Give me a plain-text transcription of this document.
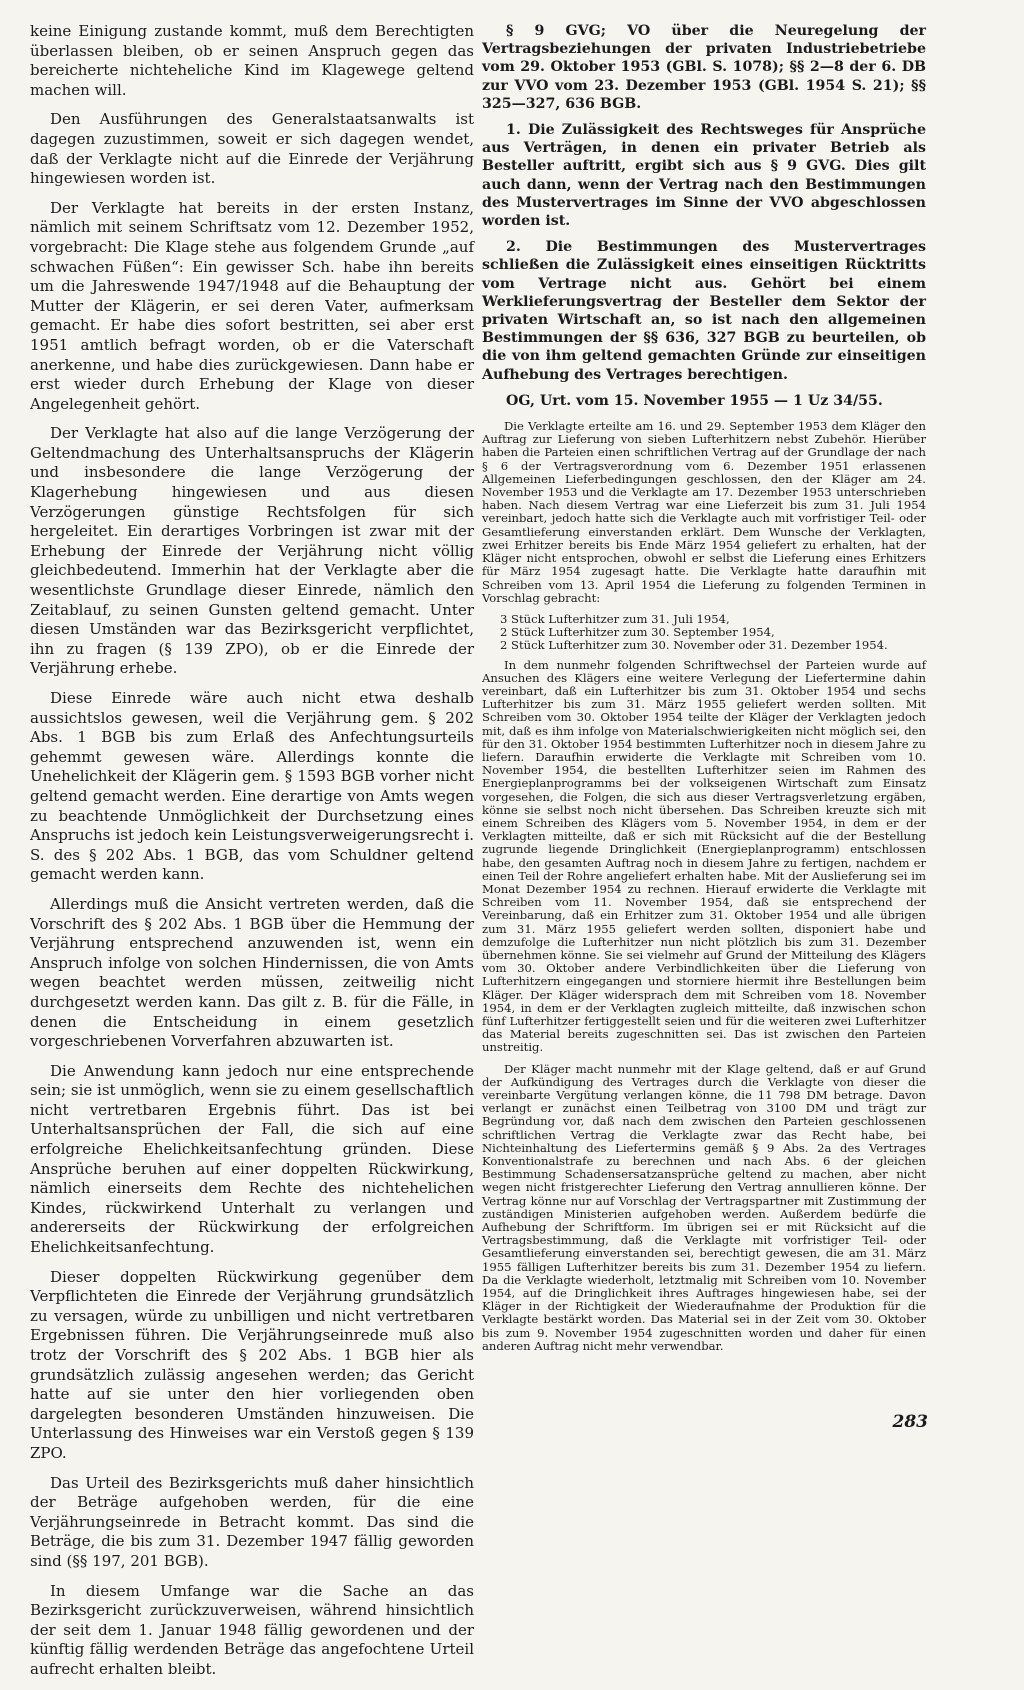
keine Einigung zustande kommt, muß dem Berechtigten überlassen bleiben, ob er seinen Anspruch gegen das bereicherte nichteheliche Kind im Klagewege geltend machen will.

Den Ausführungen des Generalstaatsanwalts ist dagegen zuzustimmen, soweit er sich dagegen wendet, daß der Verklagte nicht auf die Einrede der Verjährung hingewiesen worden ist.

Der Verklagte hat bereits in der ersten Instanz, nämlich mit seinem Schriftsatz vom 12. Dezember 1952, vorgebracht: Die Klage stehe aus folgendem Grunde „auf schwachen Füßen“: Ein gewisser Sch. habe ihn bereits um die Jahreswende 1947/1948 auf die Behauptung der Mutter der Klägerin, er sei deren Vater, aufmerksam gemacht. Er habe dies sofort bestritten, sei aber erst 1951 amtlich befragt worden, ob er die Vaterschaft anerkenne, und habe dies zurückgewiesen. Dann habe er erst wieder durch Erhebung der Klage von dieser Angelegenheit gehört.

Der Verklagte hat also auf die lange Verzögerung der Geltendmachung des Unterhaltsanspruchs der Klägerin und insbesondere die lange Verzögerung der Klagerhebung hingewiesen und aus diesen Verzögerungen günstige Rechtsfolgen für sich hergeleitet. Ein derartiges Vorbringen ist zwar mit der Erhebung der Einrede der Verjährung nicht völlig gleichbedeutend. Immerhin hat der Verklagte aber die wesentlichste Grundlage dieser Einrede, nämlich den Zeitablauf, zu seinen Gunsten geltend gemacht. Unter diesen Umständen war das Bezirksgericht verpflichtet, ihn zu fragen (§ 139 ZPO), ob er die Einrede der Verjährung erhebe.

Diese Einrede wäre auch nicht etwa deshalb aussichtslos gewesen, weil die Verjährung gem. § 202 Abs. 1 BGB bis zum Erlaß des Anfechtungsurteils gehemmt gewesen wäre. Allerdings konnte die Unehelichkeit der Klägerin gem. § 1593 BGB vorher nicht geltend gemacht werden. Eine derartige von Amts wegen zu beachtende Unmöglichkeit der Durchsetzung eines Anspruchs ist jedoch kein Leistungsverweigerungsrecht i. S. des § 202 Abs. 1 BGB, das vom Schuldner geltend gemacht werden kann.

Allerdings muß die Ansicht vertreten werden, daß die Vorschrift des § 202 Abs. 1 BGB über die Hemmung der Verjährung entsprechend anzuwenden ist, wenn ein Anspruch infolge von solchen Hindernissen, die von Amts wegen beachtet werden müssen, zeitweilig nicht durchgesetzt werden kann. Das gilt z. B. für die Fälle, in denen die Entscheidung in einem gesetzlich vorgeschriebenen Vorverfahren abzuwarten ist.

Die Anwendung kann jedoch nur eine entsprechende sein; sie ist unmöglich, wenn sie zu einem gesellschaftlich nicht vertretbaren Ergebnis führt. Das ist bei Unterhaltsansprüchen der Fall, die sich auf eine erfolgreiche Ehelichkeitsanfechtung gründen. Diese Ansprüche beruhen auf einer doppelten Rückwirkung, nämlich einerseits dem Rechte des nichtehelichen Kindes, rückwirkend Unterhalt zu verlangen und andererseits der Rückwirkung der erfolgreichen Ehelichkeitsanfechtung.

Dieser doppelten Rückwirkung gegenüber dem Verpflichteten die Einrede der Verjährung grundsätzlich zu versagen, würde zu unbilligen und nicht vertretbaren Ergebnissen führen. Die Verjährungseinrede muß also trotz der Vorschrift des § 202 Abs. 1 BGB hier als grundsätzlich zulässig angesehen werden; das Gericht hatte auf sie unter den hier vorliegenden oben dargelegten besonderen Umständen hinzuweisen. Die Unterlassung des Hinweises war ein Verstoß gegen § 139 ZPO.

Das Urteil des Bezirksgerichts muß daher hinsichtlich der Beträge aufgehoben werden, für die eine Verjährungseinrede in Betracht kommt. Das sind die Beträge, die bis zum 31. Dezember 1947 fällig geworden sind (§§ 197, 201 BGB).

In diesem Umfange war die Sache an das Bezirksgericht zurückzuverweisen, während hinsichtlich der seit dem 1. Januar 1948 fällig gewordenen und der künftig fällig werdenden Beträge das angefochtene Urteil aufrecht erhalten bleibt.

§ 9 GVG; VO über die Neuregelung der Vertragsbeziehungen der privaten Industriebetriebe vom 29. Oktober 1953 (GBl. S. 1078); §§ 2—8 der 6. DB zur VVO vom 23. Dezember 1953 (GBl. 1954 S. 21); §§ 325—327, 636 BGB.

1. Die Zulässigkeit des Rechtsweges für Ansprüche aus Verträgen, in denen ein privater Betrieb als Besteller auftritt, ergibt sich aus § 9 GVG. Dies gilt auch dann, wenn der Vertrag nach den Bestimmungen des Mustervertrages im Sinne der VVO abgeschlossen worden ist.

2. Die Bestimmungen des Mustervertrages schließen die Zulässigkeit eines einseitigen Rücktritts vom Vertrage nicht aus. Gehört bei einem Werklieferungsvertrag der Besteller dem Sektor der privaten Wirtschaft an, so ist nach den allgemeinen Bestimmungen der §§ 636, 327 BGB zu beurteilen, ob die von ihm geltend gemachten Gründe zur einseitigen Aufhebung des Vertrages berechtigen.

OG, Urt. vom 15. November 1955 — 1 Uz 34/55.

Die Verklagte erteilte am 16. und 29. September 1953 dem Kläger den Auftrag zur Lieferung von sieben Lufterhitzern nebst Zubehör. Hierüber haben die Parteien einen schriftlichen Vertrag auf der Grundlage der nach § 6 der Vertragsverordnung vom 6. Dezember 1951 erlassenen Allgemeinen Lieferbedingungen geschlossen, den der Kläger am 24. November 1953 und die Verklagte am 17. Dezember 1953 unterschrieben haben. Nach diesem Vertrag war eine Lieferzeit bis zum 31. Juli 1954 vereinbart, jedoch hatte sich die Verklagte auch mit vorfristiger Teil- oder Gesamtlieferung einverstanden erklärt. Dem Wunsche der Verklagten, zwei Erhitzer bereits bis Ende März 1954 geliefert zu erhalten, hat der Kläger nicht entsprochen, obwohl er selbst die Lieferung eines Erhitzers für März 1954 zugesagt hatte. Die Verklagte hatte daraufhin mit Schreiben vom 13. April 1954 die Lieferung zu folgenden Terminen in Vorschlag gebracht:

3 Stück Lufterhitzer zum 31. Juli 1954,
2 Stück Lufterhitzer zum 30. September 1954,
2 Stück Lufterhitzer zum 30. November oder 31. Dezember 1954.

In dem nunmehr folgenden Schriftwechsel der Parteien wurde auf Ansuchen des Klägers eine weitere Verlegung der Liefertermine dahin vereinbart, daß ein Lufterhitzer bis zum 31. Oktober 1954 und sechs Lufterhitzer bis zum 31. März 1955 geliefert werden sollten. Mit Schreiben vom 30. Oktober 1954 teilte der Kläger der Verklagten jedoch mit, daß es ihm infolge von Materialschwierigkeiten nicht möglich sei, den für den 31. Oktober 1954 bestimmten Lufterhitzer noch in diesem Jahre zu liefern. Daraufhin erwiderte die Verklagte mit Schreiben vom 10. November 1954, die bestellten Lufterhitzer seien im Rahmen des Energieplanprogramms bei der volkseigenen Wirtschaft zum Einsatz vorgesehen, die Folgen, die sich aus dieser Vertragsverletzung ergäben, könne sie selbst noch nicht übersehen. Das Schreiben kreuzte sich mit einem Schreiben des Klägers vom 5. November 1954, in dem er der Verklagten mitteilte, daß er sich mit Rücksicht auf die der Bestellung zugrunde liegende Dringlichkeit (Energieplanprogramm) entschlossen habe, den gesamten Auftrag noch in diesem Jahre zu fertigen, nachdem er einen Teil der Rohre angeliefert erhalten habe. Mit der Auslieferung sei im Monat Dezember 1954 zu rechnen. Hierauf erwiderte die Verklagte mit Schreiben vom 11. November 1954, daß sie entsprechend der Vereinbarung, daß ein Erhitzer zum 31. Oktober 1954 und alle übrigen zum 31. März 1955 geliefert werden sollten, disponiert habe und demzufolge die Lufterhitzer nun nicht plötzlich bis zum 31. Dezember übernehmen könne. Sie sei vielmehr auf Grund der Mitteilung des Klägers vom 30. Oktober andere Verbindlichkeiten über die Lieferung von Lufterhitzern eingegangen und storniere hiermit ihre Bestellungen beim Kläger. Der Kläger widersprach dem mit Schreiben vom 18. November 1954, in dem er der Verklagten zugleich mitteilte, daß inzwischen schon fünf Lufterhitzer fertiggestellt seien und für die weiteren zwei Lufterhitzer das Material bereits zugeschnitten sei. Das ist zwischen den Parteien unstreitig.

Der Kläger macht nunmehr mit der Klage geltend, daß er auf Grund der Aufkündigung des Vertrages durch die Verklagte von dieser die vereinbarte Vergütung verlangen könne, die 11 798 DM betrage. Davon verlangt er zunächst einen Teilbetrag von 3100 DM und trägt zur Begründung vor, daß nach dem zwischen den Parteien geschlossenen schriftlichen Vertrag die Verklagte zwar das Recht habe, bei Nichteinhaltung des Liefertermins gemäß § 9 Abs. 2a des Vertrages Konventionalstrafe zu berechnen und nach Abs. 6 der gleichen Bestimmung Schadensersatzansprüche geltend zu machen, aber nicht wegen nicht fristgerechter Lieferung den Vertrag annullieren könne. Der Vertrag könne nur auf Vorschlag der Vertragspartner mit Zustimmung der zuständigen Ministerien aufgehoben werden. Außerdem bedürfe die Aufhebung der Schriftform. Im übrigen sei er mit Rücksicht auf die Vertragsbestimmung, daß die Verklagte mit vorfristiger Teil- oder Gesamtlieferung einverstanden sei, berechtigt gewesen, die am 31. März 1955 fälligen Lufterhitzer bereits bis zum 31. Dezember 1954 zu liefern. Da die Verklagte wiederholt, letztmalig mit Schreiben vom 10. November 1954, auf die Dringlichkeit ihres Auftrages hingewiesen habe, sei der Kläger in der Richtigkeit der Wiederaufnahme der Produktion für die Verklagte bestärkt worden. Das Material sei in der Zeit vom 30. Oktober bis zum 9. November 1954 zugeschnitten worden und daher für einen anderen Auftrag nicht mehr verwendbar.

283
